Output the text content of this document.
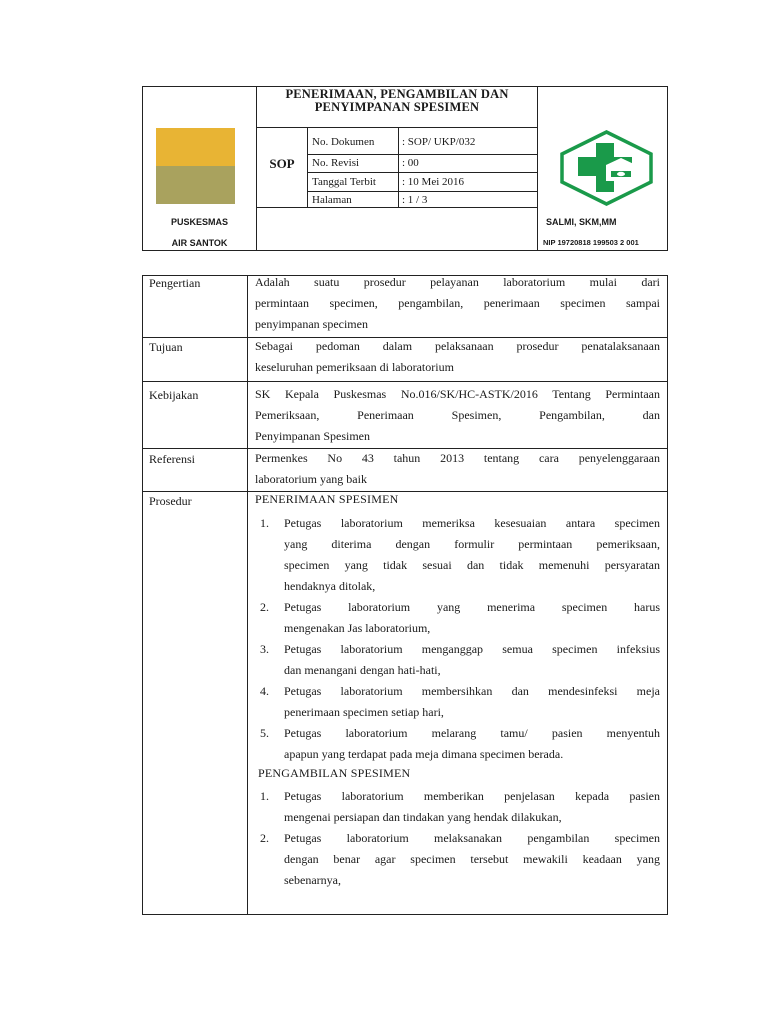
PENERIMAAN, PENGAMBILAN DAN
PENYIMPANAN SPESIMEN
SOP
No. Dokumen	: SOP/ UKP/032
No. Revisi	: 00
Tanggal Terbit : 10 Mei 2016
Halaman	: 1 / 3
PUSKESMAS
AIR SANTOK
SALMI, SKM,MM
NIP 19720818 199503 2 001
Pengertian	Adalah suatu prosedur pelayanan laboratorium mulai dari
permintaan specimen, pengambilan, penerimaan specimen sampai
penyimpanan specimen
Tujuan	Sebagai pedoman dalam pelaksanaan prosedur penatalaksanaan
keseluruhan pemeriksaan di laboratorium
Kebijakan	SK Kepala Puskesmas No.016/SK/HC-ASTK/2016 Tentang Permintaan
Pemeriksaan, Penerimaan Spesimen, Pengambilan, dan
Penyimpanan Spesimen
Referensi	Permenkes No 43 tahun 2013 tentang cara penyelenggaraan
laboratorium yang baik
Prosedur	PENERIMAAN SPESIMEN
1. Petugas laboratorium memeriksa kesesuaian antara specimen
yang diterima dengan formulir permintaan pemeriksaan,
specimen yang tidak sesuai dan tidak memenuhi persyaratan
hendaknya ditolak,
2. Petugas laboratorium yang menerima specimen harus
mengenakan Jas laboratorium,
3. Petugas laboratorium menganggap semua specimen infeksius
dan menangani dengan hati-hati,
4. Petugas laboratorium membersihkan dan mendesinfeksi meja
penerimaan specimen setiap hari,
5. Petugas laboratorium melarang tamu/ pasien menyentuh
apapun yang terdapat pada meja dimana specimen berada.
PENGAMBILAN SPESIMEN
1. Petugas laboratorium memberikan penjelasan kepada pasien
mengenai persiapan dan tindakan yang hendak dilakukan,
2. Petugas laboratorium melaksanakan pengambilan specimen
dengan benar agar specimen tersebut mewakili keadaan yang
sebenarnya,
